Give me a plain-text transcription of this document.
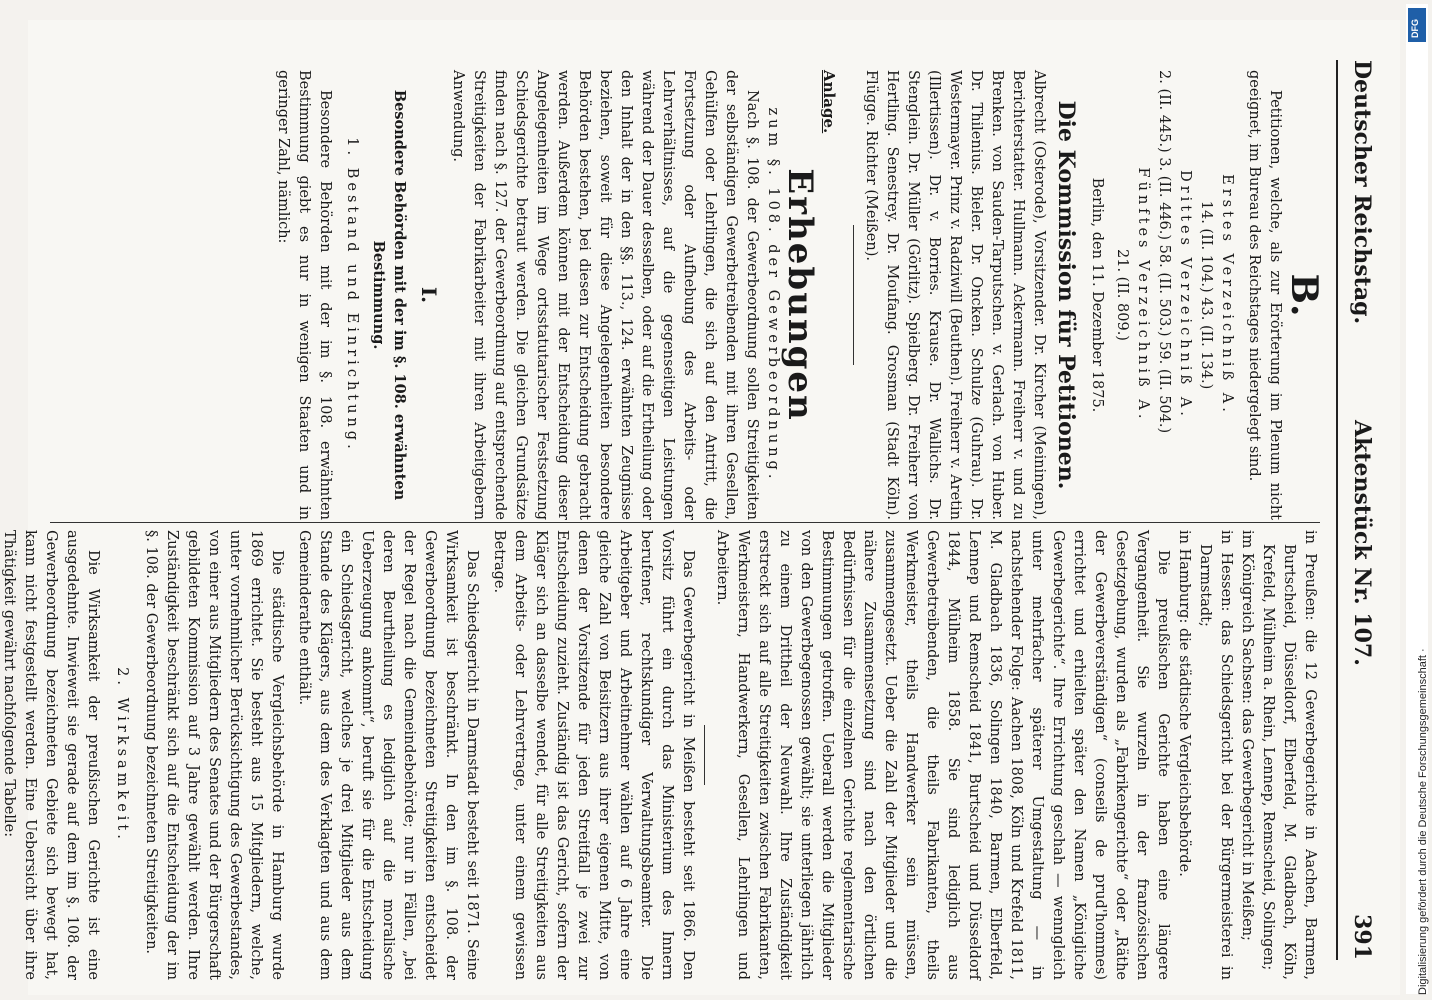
Deutscher Reichstag.
Aktenstück Nr. 107.
391
B.

Petitionen, welche, als zur Erörterung im Plenum nicht geeignet, im Bureau des Reichstages niedergelegt sind.

Erstes Verzeichniß A.
14. (II. 104.) 43. (II. 134.)
Drittes Verzeichniß A.
2. (II. 445.) 3. (II. 446.) 58. (II. 503.) 59. (II. 504.)
Fünftes Verzeichniß A.
21. (II. 809.)
Berlin, den 11. Dezember 1875.
Die Kommission für Petitionen.

Albrecht (Osterode), Vorsitzender. Dr. Kircher (Meiningen), Berichterstatter. Hullmann. Ackermann. Freiherr v. und zu Brenken. von Sauden-Tarputschen. v. Gerlach. von Huber. Dr. Thilenius. Bieler. Dr. Oncken. Schulze (Guhrau). Dr. Westermayer. Prinz v. Radziwill (Beuthen). Freiherr v. Aretin (Illertissen). Dr. v. Borries. Krause. Dr. Wallichs. Dr. Stenglein. Dr. Müller (Görlitz). Spielberg. Dr. Freiherr von Hertling. Senestrey. Dr. Moufang. Grosman (Stadt Köln). Flügge. Richter (Meißen).

Anlage.
Erhebungen
zum §. 108. der Gewerbeordnung.

Nach §. 108. der Gewerbeordnung sollen Streitigkeiten der selbständigen Gewerbetreibenden mit ihren Gesellen, Gehülfen oder Lehrlingen, die sich auf den Antritt, die Fortsetzung oder Aufhebung des Arbeits- oder Lehrverhältnisses, auf die gegenseitigen Leistungen während der Dauer desselben, oder auf die Ertheilung oder den Inhalt der in den §§. 113., 124. erwähnten Zeugnisse beziehen, soweit für diese Angelegenheiten besondere Behörden bestehen, bei diesen zur Entscheidung gebracht werden. Außerdem können mit der Entscheidung dieser Angelegenheiten im Wege ortsstatutarischer Festsetzung Schiedsgerichte betraut werden. Die gleichen Grundsätze finden nach §. 127. der Gewerbeordnung auf entsprechende Streitigkeiten der Fabrikarbeiter mit ihren Arbeitgebern Anwendung.

I.
Besondere Behörden mit der im §. 108. erwähnten Bestimmung.
1. Bestand und Einrichtung.

Besondere Behörden mit der im §. 108. erwähnten Bestimmung giebt es nur in wenigen Staaten und in geringer Zahl, nämlich:

in Preußen: die 12 Gewerbegerichte in Aachen, Barmen, Burtscheid, Düsseldorf, Elberfeld, M. Gladbach, Köln, Krefeld, Mülheim a. Rhein, Lennep, Remscheid, Solingen;
im Königreich Sachsen: das Gewerbegericht in Meißen;
in Hessen: das Schiedsgericht bei der Bürgermeisterei in Darmstadt;
in Hamburg: die städtische Vergleichsbehörde.

Die preußischen Gerichte haben eine längere Vergangenheit. Sie wurzeln in der französischen Gesetzgebung, wurden als „Fabrikengerichte“ oder „Räthe der Gewerbeverständigen“ (conseils de prud'hommes) errichtet und erhielten später den Namen „Königliche Gewerbegerichte“. Ihre Errichtung geschah — wenngleich unter mehrfacher späterer Umgestaltung — in nachstehender Folge: Aachen 1808, Köln und Krefeld 1811, M. Gladbach 1836, Solingen 1840, Barmen, Elberfeld, Lennep und Remscheid 1841, Burtscheid und Düsseldorf 1844, Mülheim 1858. Sie sind lediglich aus Gewerbetreibenden, die theils Fabrikanten, theils Werkmeister, theils Handwerker sein müssen, zusammengesetzt. Ueber die Zahl der Mitglieder und die nähere Zusammensetzung sind nach den örtlichen Bedürfnissen für die einzelnen Gerichte reglementarische Bestimmungen getroffen. Ueberall werden die Mitglieder von den Gewerbegenossen gewählt; sie unterliegen jährlich zu einem Drittheil der Neuwahl. Ihre Zuständigkeit erstreckt sich auf alle Streitigkeiten zwischen Fabrikanten, Werkmeistern, Handwerkern, Gesellen, Lehrlingen und Arbeitern.

Das Gewerbegericht in Meißen besteht seit 1866. Den Vorsitz führt ein durch das Ministerium des Innern berufener, rechtskundiger Verwaltungsbeamter. Die Arbeitgeber und Arbeitnehmer wählen auf 6 Jahre eine gleiche Zahl von Beisitzern aus ihrer eigenen Mitte, von denen der Vorsitzende für jeden Streitfall je zwei zur Entscheidung zuzieht. Zuständig ist das Gericht, sofern der Kläger sich an dasselbe wendet, für alle Streitigkeiten aus dem Arbeits- oder Lehrvertrage, unter einem gewissen Betrage.

Das Schiedsgericht in Darmstadt besteht seit 1871. Seine Wirksamkeit ist beschränkt. In den im §. 108. der Gewerbeordnung bezeichneten Streitigkeiten entscheidet der Regel nach die Gemeindebehörde; nur in Fällen, „bei deren Beurtheilung es lediglich auf die moralische Ueberzeugung ankommt“, beruft sie für die Entscheidung ein Schiedsgericht, welches je drei Mitglieder aus dem Stande des Klägers, aus dem des Verklagten und aus dem Gemeinderathe enthält.

Die städtische Vergleichsbehörde in Hamburg wurde 1869 errichtet. Sie besteht aus 15 Mitgliedern, welche, unter vornehmlicher Berücksichtigung des Gewerbestandes, von einer aus Mitgliedern des Senates und der Bürgerschaft gebildeten Kommission auf 3 Jahre gewählt werden. Ihre Zuständigkeit beschränkt sich auf die Entscheidung der im §. 108. der Gewerbeordnung bezeichneten Streitigkeiten.

2. Wirksamkeit.

Die Wirksamkeit der preußischen Gerichte ist eine ausgedehnte. Inwieweit sie gerade auf dem im §. 108. der Gewerbeordnung bezeichneten Gebiete sich bewegt hat, kann nicht festgestellt werden. Eine Uebersicht über ihre Thätigkeit gewährt nachfolgende Tabelle:

DFG
Digitalisierung gefördert durch die Deutsche Forschungsgemeinschaft ·
